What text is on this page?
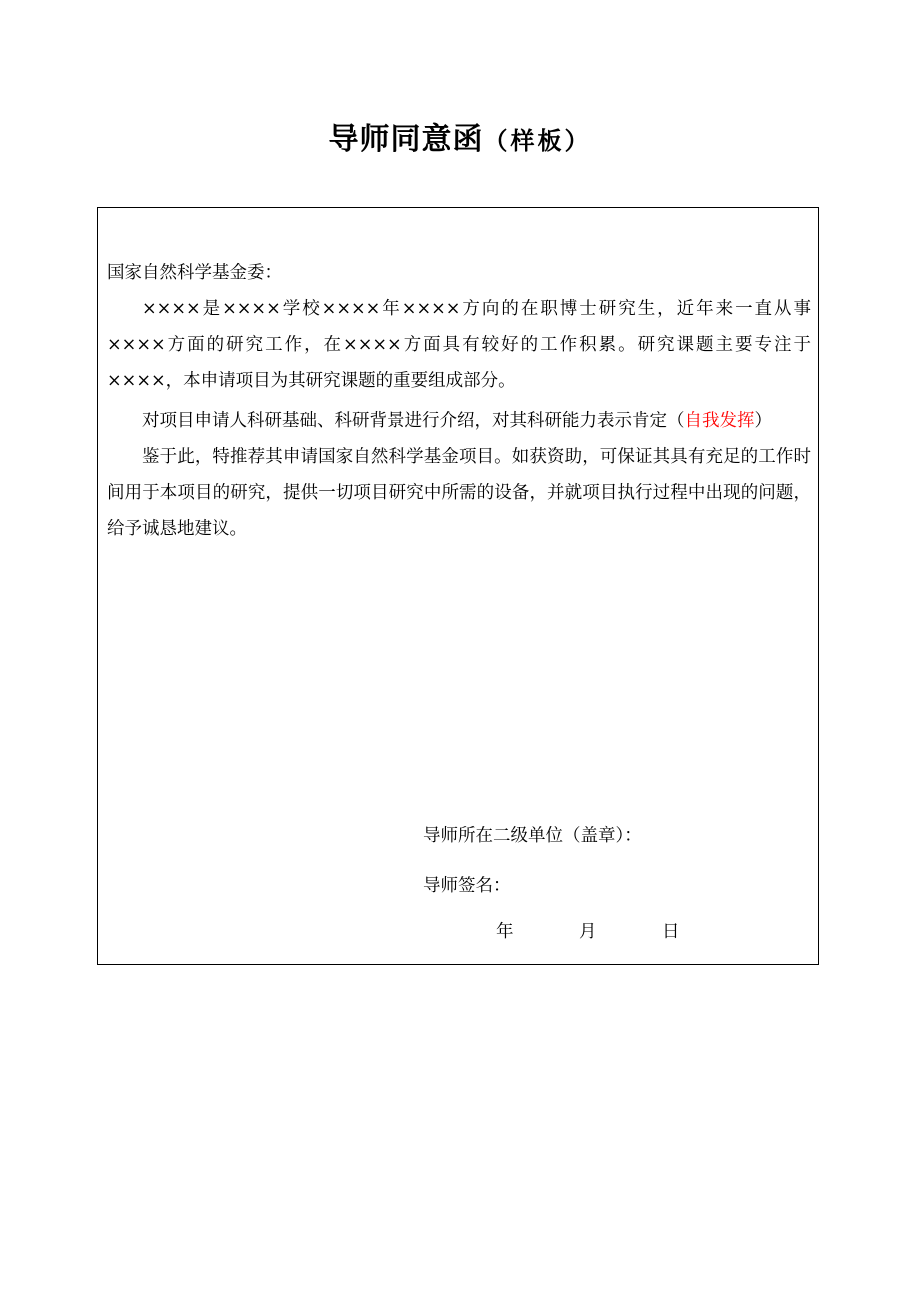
导师同意函（样板）

国家自然科学基金委：

××××是××××学校××××年××××方向的在职博士研究生，近年来一直从事××××方面的研究工作，在××××方面具有较好的工作积累。研究课题主要专注于××××，本申请项目为其研究课题的重要组成部分。

对项目申请人科研基础、科研背景进行介绍，对其科研能力表示肯定（自我发挥）

鉴于此，特推荐其申请国家自然科学基金项目。如获资助，可保证其具有充足的工作时间用于本项目的研究，提供一切项目研究中所需的设备，并就项目执行过程中出现的问题，给予诚恳地建议。

导师所在二级单位（盖章）：
导师签名：
年	月	日
